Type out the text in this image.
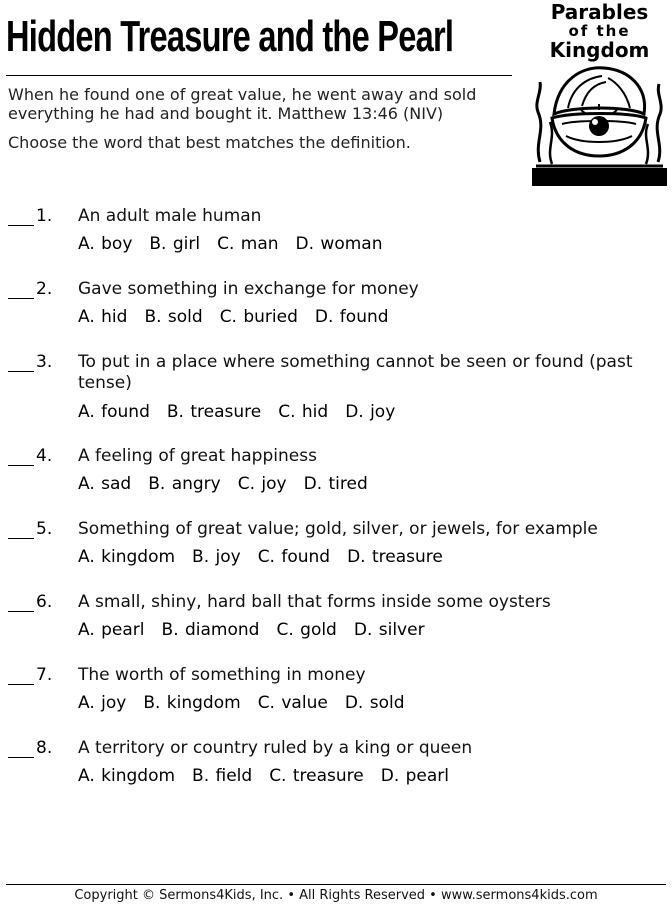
Hidden Treasure and the Pearl
When he found one of great value, he went away and sold everything he had and bought it. Matthew 13:46 (NIV)
Choose the word that best matches the definition.
Parables
of the
Kingdom
1. An adult male human
A. boy B. girl C. man D. woman
2. Gave something in exchange for money
A. hid B. sold C. buried D. found
3. To put in a place where something cannot be seen or found (past tense)
A. found B. treasure C. hid D. joy
4. A feeling of great happiness
A. sad B. angry C. joy D. tired
5. Something of great value; gold, silver, or jewels, for example
A. kingdom B. joy C. found D. treasure
6. A small, shiny, hard ball that forms inside some oysters
A. pearl B. diamond C. gold D. silver
7. The worth of something in money
A. joy B. kingdom C. value D. sold
8. A territory or country ruled by a king or queen
A. kingdom B. field C. treasure D. pearl
Copyright © Sermons4Kids, Inc. • All Rights Reserved • www.sermons4kids.com
